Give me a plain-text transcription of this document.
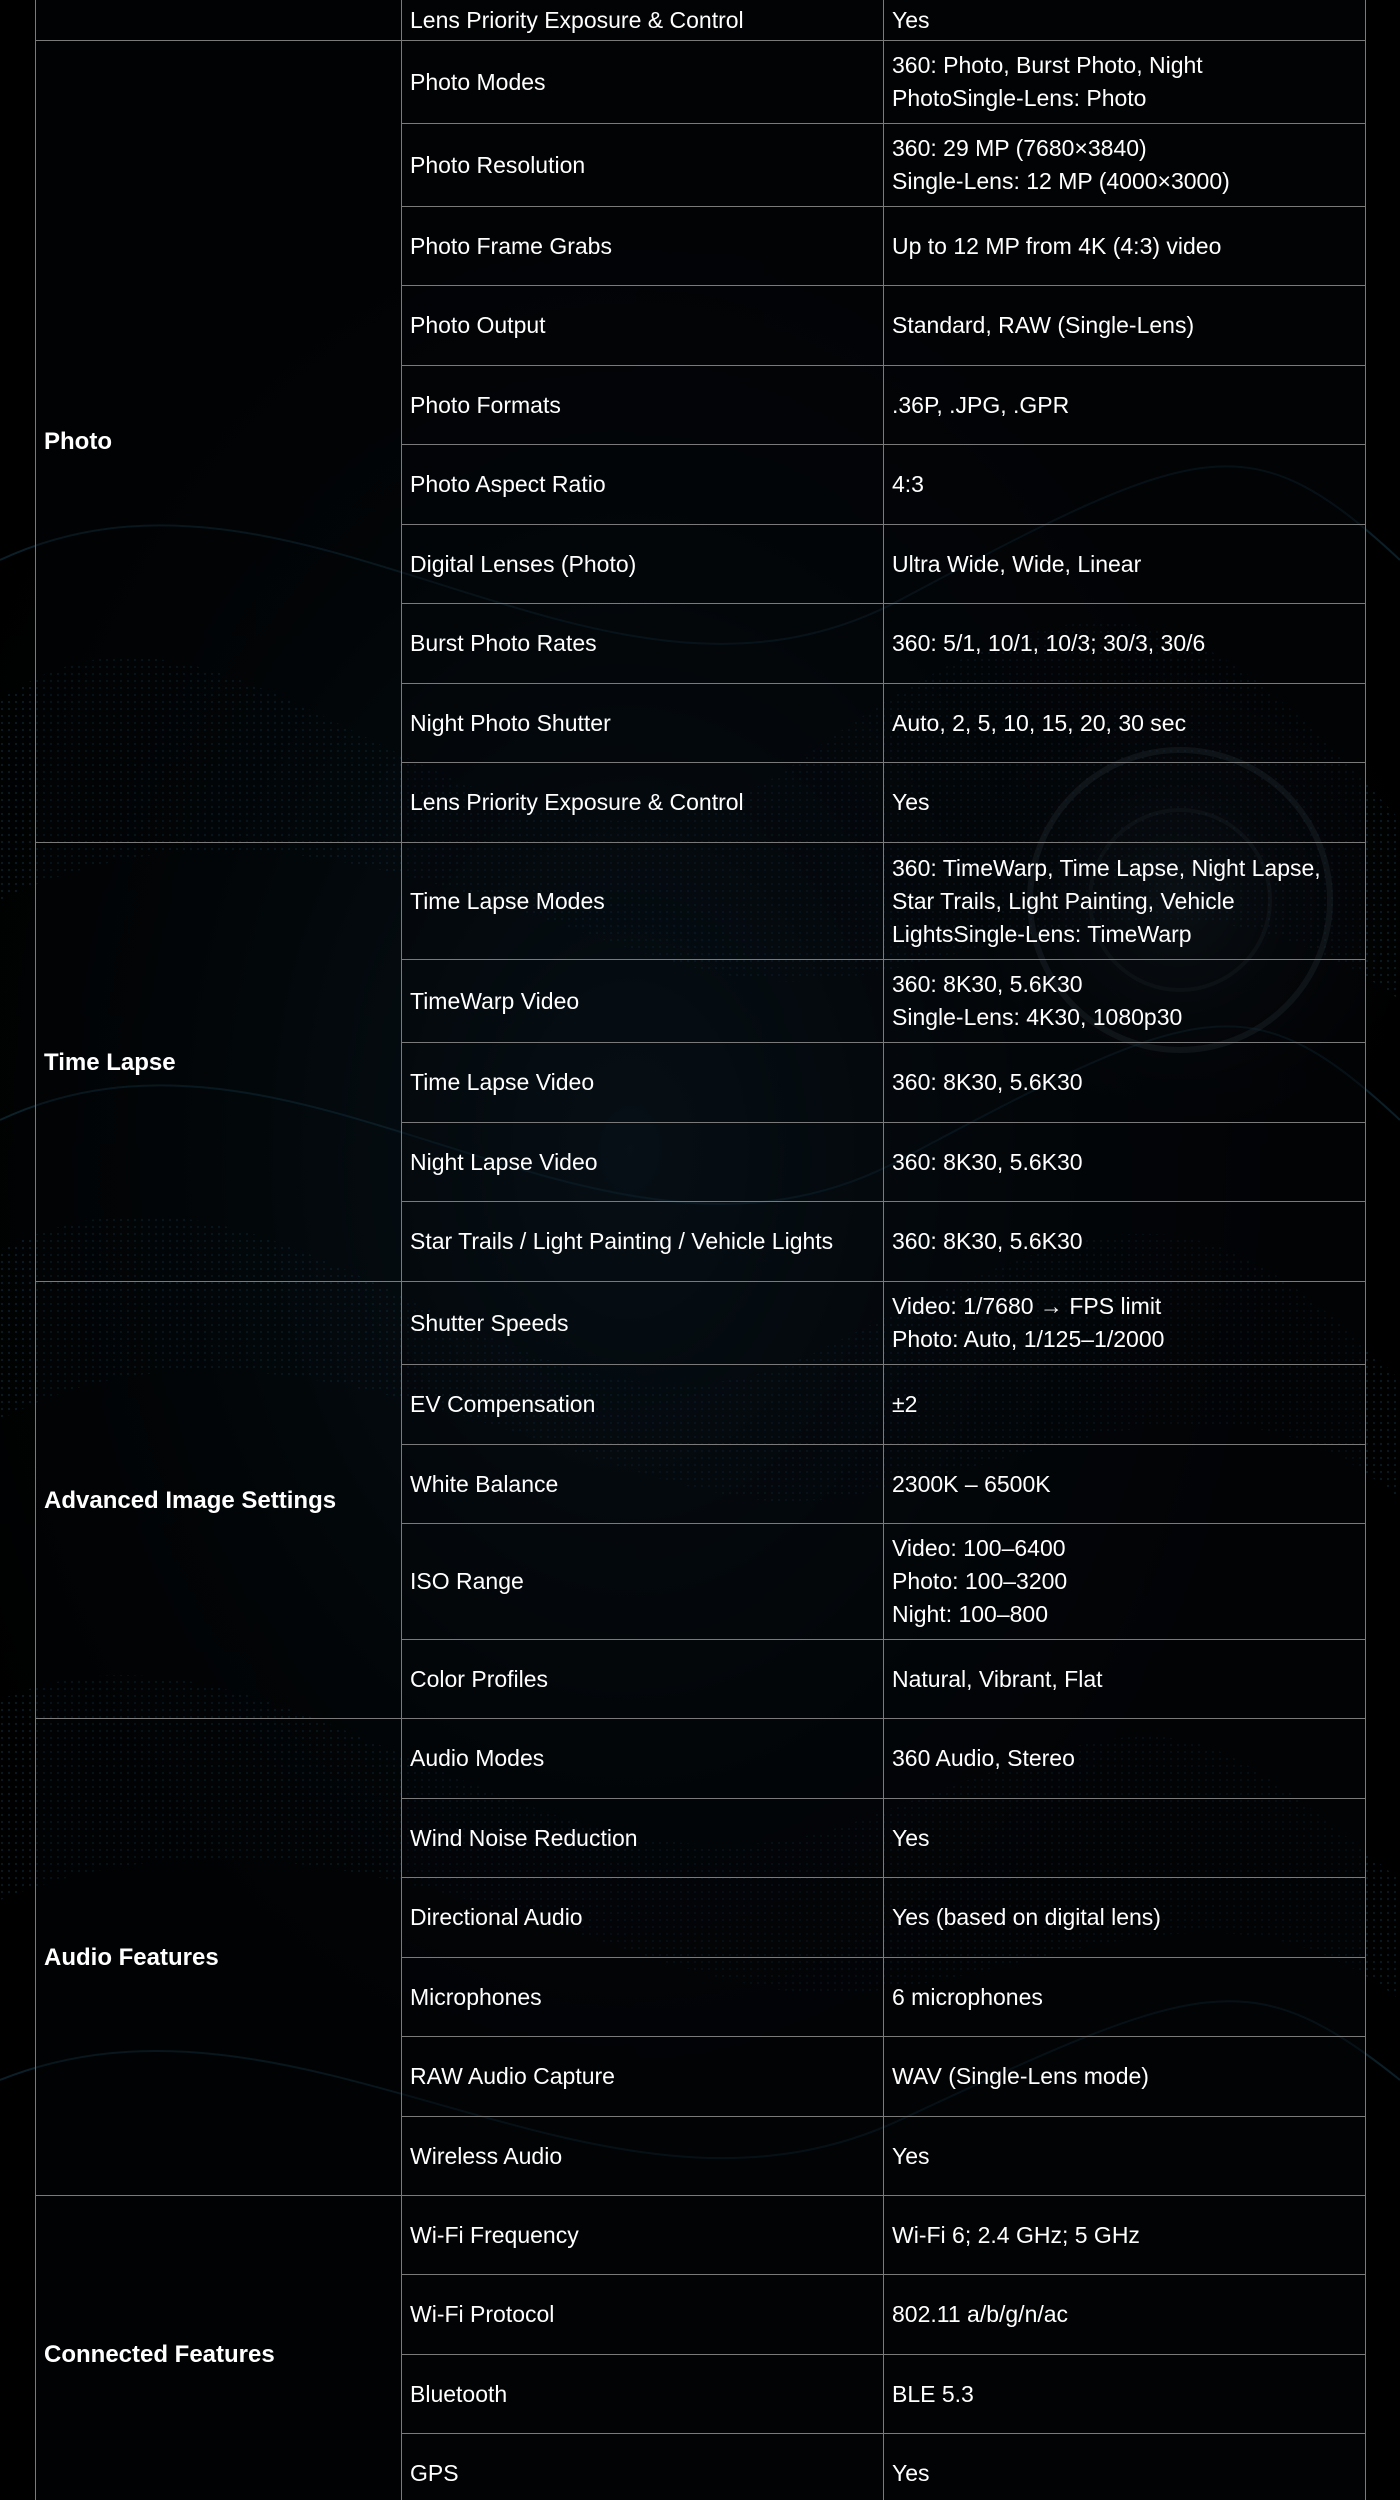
	Lens Priority Exposure & Control	Yes

Photo	Photo Modes	360: Photo, Burst Photo, Night
PhotoSingle-Lens: Photo

	Photo Resolution	360: 29 MP (7680×3840)
Single-Lens: 12 MP (4000×3000)

	Photo Frame Grabs	Up to 12 MP from 4K (4:3) video

	Photo Output	Standard, RAW (Single-Lens)

	Photo Formats	.36P, .JPG, .GPR

	Photo Aspect Ratio	4:3

	Digital Lenses (Photo)	Ultra Wide, Wide, Linear

	Burst Photo Rates	360: 5/1, 10/1, 10/3; 30/3, 30/6

	Night Photo Shutter	Auto, 2, 5, 10, 15, 20, 30 sec

	Lens Priority Exposure & Control	Yes

Time Lapse	Time Lapse Modes	360: TimeWarp, Time Lapse, Night Lapse,
Star Trails, Light Painting, Vehicle
LightsSingle-Lens: TimeWarp

	TimeWarp Video	360: 8K30, 5.6K30
Single-Lens: 4K30, 1080p30

	Time Lapse Video	360: 8K30, 5.6K30

	Night Lapse Video	360: 8K30, 5.6K30

	Star Trails / Light Painting / Vehicle Lights	360: 8K30, 5.6K30

Advanced Image Settings	Shutter Speeds	Video: 1/7680 → FPS limit
Photo: Auto, 1/125–1/2000

	EV Compensation	±2

	White Balance	2300K – 6500K

	ISO Range	Video: 100–6400
Photo: 100–3200
Night: 100–800

	Color Profiles	Natural, Vibrant, Flat

Audio Features	Audio Modes	360 Audio, Stereo

	Wind Noise Reduction	Yes

	Directional Audio	Yes (based on digital lens)

	Microphones	6 microphones

	RAW Audio Capture	WAV (Single-Lens mode)

	Wireless Audio	Yes

Connected Features	Wi-Fi Frequency	Wi-Fi 6; 2.4 GHz; 5 GHz

	Wi-Fi Protocol	802.11 a/b/g/n/ac

	Bluetooth	BLE 5.3

	GPS	Yes
